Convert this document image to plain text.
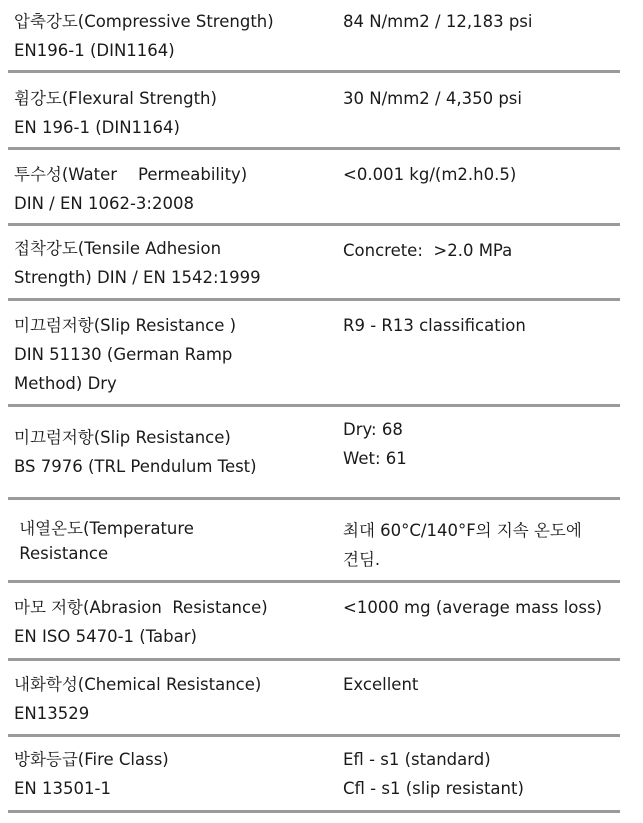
압축강도(Compressive Strength)
EN196-1 (DIN1164)
84 N/mm2 / 12,183 psi
휨강도(Flexural Strength)
EN 196-1 (DIN1164)
30 N/mm2 / 4,350 psi
투수성(Water    Permeability)
DIN / EN 1062-3:2008
<0.001 kg/(m2.h0.5)
접착강도(Tensile Adhesion
Strength) DIN / EN 1542:1999
Concrete:  >2.0 MPa
미끄럼저항(Slip Resistance )
DIN 51130 (German Ramp
Method) Dry
R9 - R13 classification
미끄럼저항(Slip Resistance)
BS 7976 (TRL Pendulum Test)
Dry: 68
Wet: 61
내열온도(Temperature
Resistance
최대 60°C/140°F의 지속 온도에
견딤.
마모 저항(Abrasion  Resistance)
EN ISO 5470-1 (Tabar)
<1000 mg (average mass loss)
내화학성(Chemical Resistance)
EN13529
Excellent
방화등급(Fire Class)
EN 13501-1
Efl - s1 (standard)
Cfl - s1 (slip resistant)
